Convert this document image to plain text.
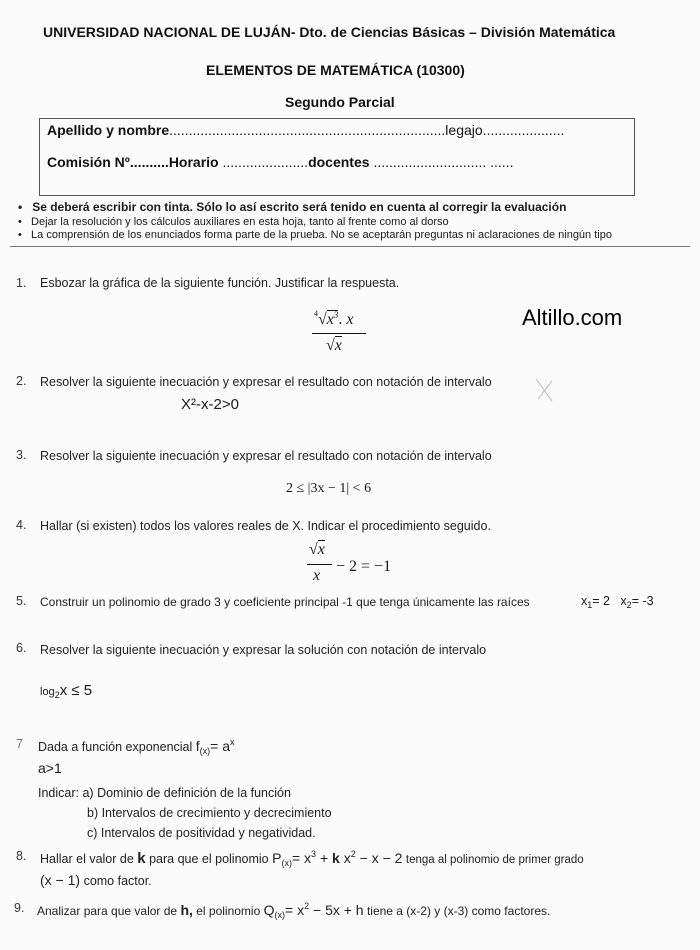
UNIVERSIDAD NACIONAL DE LUJÁN- Dto. de Ciencias Básicas – División Matemática
ELEMENTOS DE MATEMÁTICA (10300)
Segundo Parcial
Apellido y nombre.......................................................................legajo.....................
Comisión Nº..........Horario ......................docentes ............................. ......
• Se deberá escribir con tinta. Sólo lo así escrito será tenido en cuenta al corregir la evaluación
• Dejar la resolución y los cálculos auxiliares en esta hoja, tanto al frente como al dorso
• La comprensión de los enunciados forma parte de la prueba. No se aceptarán preguntas ni aclaraciones de ningún tipo
1. Esbozar la gráfica de la siguiente función. Justificar la respuesta.
$^4√x^3$. x
√x
Altillo.com
2. Resolver la siguiente inecuación y expresar el resultado con notación de intervalo
X²-x-2>0
3. Resolver la siguiente inecuación y expresar el resultado con notación de intervalo
2 ≤ |3x − 1| < 6
4. Hallar (si existen) todos los valores reales de X. Indicar el procedimiento seguido.
√x
x
− 2 = −1
5. Construir un polinomio de grado 3 y coeficiente principal -1 que tenga únicamente las raíces	$x_1= 2$   $x_2= -3$
6. Resolver la siguiente inecuación y expresar la solución con notación de intervalo
$\log_2x \le 5$
7 Dada a función exponencial $f_{(x)}= a^x$
a>1
Indicar: a) Dominio de definición de la función
b) Intervalos de crecimiento y decrecimiento
c) Intervalos de positividad y negatividad.
8. Hallar el valor de k para que el polinomio $P_{(x)}= x^3 + k$ $x^2 - x - 2$ tenga al polinomio de primer grado
(x − 1) como factor.
9. Analizar para que valor de h, el polinomio $Q_{(x)}= x^2 - 5x + h$ tiene a (x-2) y (x-3) como factores.
